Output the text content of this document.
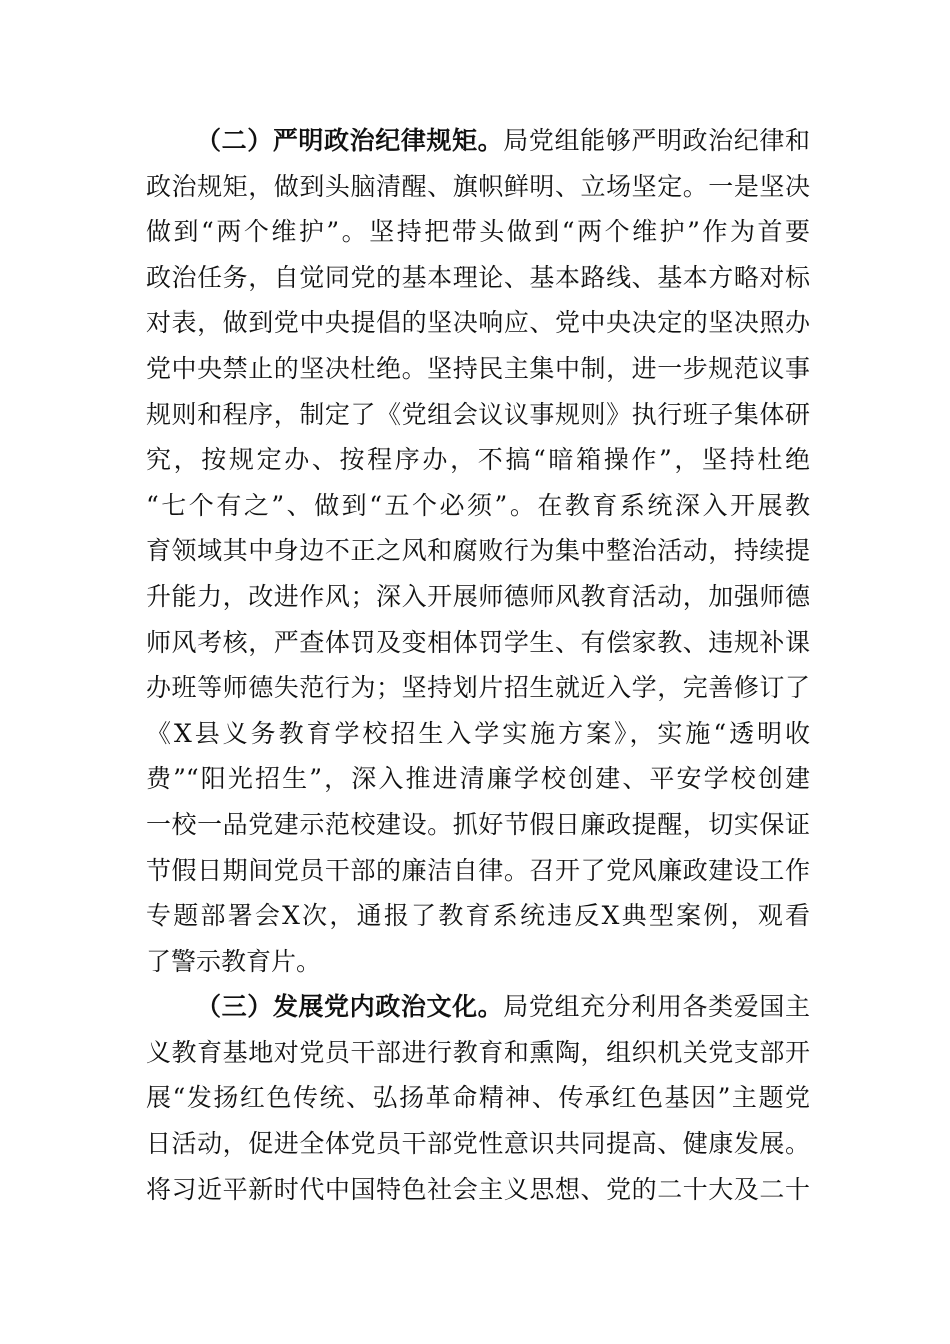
（二）严明政治纪律规矩。局党组能够严明政治纪律和
政治规矩，做到头脑清醒、旗帜鲜明、立场坚定。一是坚决
做到“两个维护”。坚持把带头做到“两个维护”作为首要
政治任务，自觉同党的基本理论、基本路线、基本方略对标
对表，做到党中央提倡的坚决响应、党中央决定的坚决照办
党中央禁止的坚决杜绝。坚持民主集中制，进一步规范议事
规则和程序，制定了《党组会议议事规则》执行班子集体研
究，按规定办、按程序办，不搞“暗箱操作”，坚持杜绝
“七个有之”、做到“五个必须”。在教育系统深入开展教
育领域其中身边不正之风和腐败行为集中整治活动，持续提
升能力，改进作风；深入开展师德师风教育活动，加强师德
师风考核，严查体罚及变相体罚学生、有偿家教、违规补课
办班等师德失范行为；坚持划片招生就近入学，完善修订了
《X县义务教育学校招生入学实施方案》，实施“透明收
费”“阳光招生”，深入推进清廉学校创建、平安学校创建
一校一品党建示范校建设。抓好节假日廉政提醒，切实保证
节假日期间党员干部的廉洁自律。召开了党风廉政建设工作
专题部署会X次，通报了教育系统违反X典型案例，观看
了警示教育片。
（三）发展党内政治文化。局党组充分利用各类爱国主
义教育基地对党员干部进行教育和熏陶，组织机关党支部开
展“发扬红色传统、弘扬革命精神、传承红色基因”主题党
日活动，促进全体党员干部党性意识共同提高、健康发展。
将习近平新时代中国特色社会主义思想、党的二十大及二十
